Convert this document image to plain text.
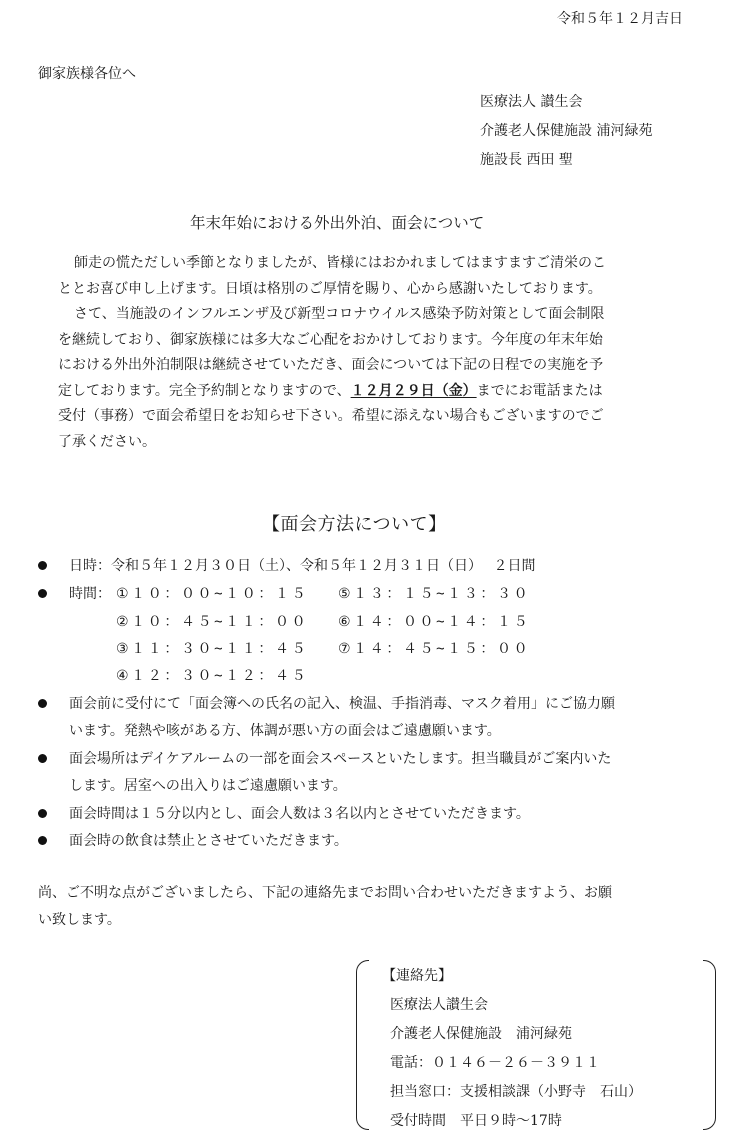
令和５年１２月吉日
御家族様各位へ
医療法人 讃生会
介護老人保健施設 浦河緑苑
施設長 西田 聖
年末年始における外出外泊、面会について
師走の慌ただしい季節となりましたが、皆様にはおかれましてはますますご清栄のこ
ととお喜び申し上げます。日頃は格別のご厚情を賜り、心から感謝いたしております。
さて、当施設のインフルエンザ及び新型コロナウイルス感染予防対策として面会制限
を継続しており、御家族様には多大なご心配をおかけしております。今年度の年末年始
における外出外泊制限は継続させていただき、面会については下記の日程での実施を予
定しております。完全予約制となりますので、１２月２９日（金）までにお電話または
受付（事務）で面会希望日をお知らせ下さい。希望に添えない場合もございますのでご
了承ください。
【面会方法について】
日時：令和５年１２月３０日（土）、令和５年１２月３１日（日）　 ２日間
時間： ①１０：００~１０：１５
②１０：４５~１１：００
③１１：３０~１１：４５
④１２：３０~１２：４５
⑤１３：１５~１３：３０
⑥１４：００~１４：１５
⑦１４：４５~１５：００
面会前に受付にて「面会簿への氏名の記入、検温、手指消毒、マスク着用」にご協力願
います。発熱や咳がある方、体調が悪い方の面会はご遠慮願います。
面会場所はデイケアルームの一部を面会スペースといたします。担当職員がご案内いた
します。居室への出入りはご遠慮願います。
面会時間は１５分以内とし、面会人数は３名以内とさせていただきます。
面会時の飲食は禁止とさせていただきます。
尚、ご不明な点がございましたら、下記の連絡先までお問い合わせいただきますよう、お願
い致します。
【連絡先】
医療法人讃生会
介護老人保健施設　浦河緑苑
電話：０１４６－２６－３９１１
担当窓口：支援相談課（小野寺　石山）
受付時間　平日９時～17時
